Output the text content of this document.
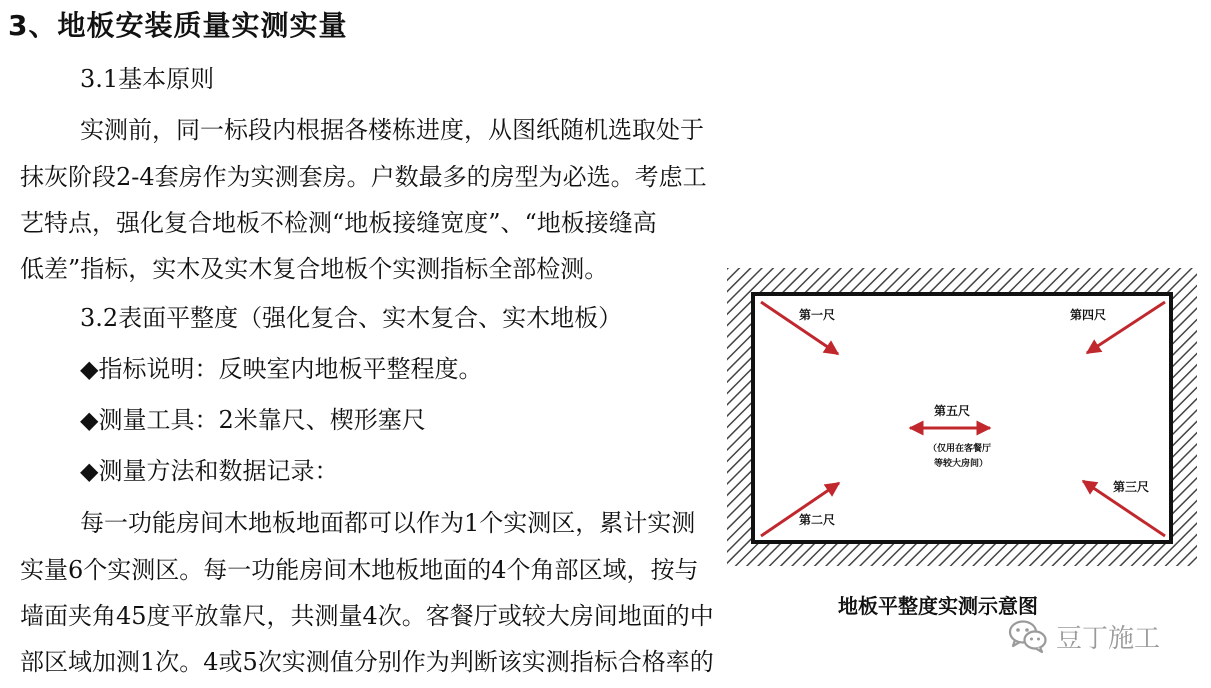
3、地板安装质量实测实量

3.1基本原则

实测前，同一标段内根据各楼栋进度，从图纸随机选取处于

抹灰阶段2-4套房作为实测套房。户数最多的房型为必选。考虑工

艺特点，强化复合地板不检测“地板接缝宽度”、“地板接缝高

低差”指标，实木及实木复合地板个实测指标全部检测。

3.2表面平整度（强化复合、实木复合、实木地板）

◆指标说明：反映室内地板平整程度。

◆测量工具：2米靠尺、楔形塞尺

◆测量方法和数据记录：

每一功能房间木地板地面都可以作为1个实测区，累计实测

实量6个实测区。每一功能房间木地板地面的4个角部区域，按与

墙面夹角45度平放靠尺，共测量4次。客餐厅或较大房间地面的中

部区域加测1次。4或5次实测值分别作为判断该实测指标合格率的

第一尺	第四尺
第五尺
（仅用在客餐厅
等较大房间）
第三尺
第二尺

地板平整度实测示意图

豆丁施工
